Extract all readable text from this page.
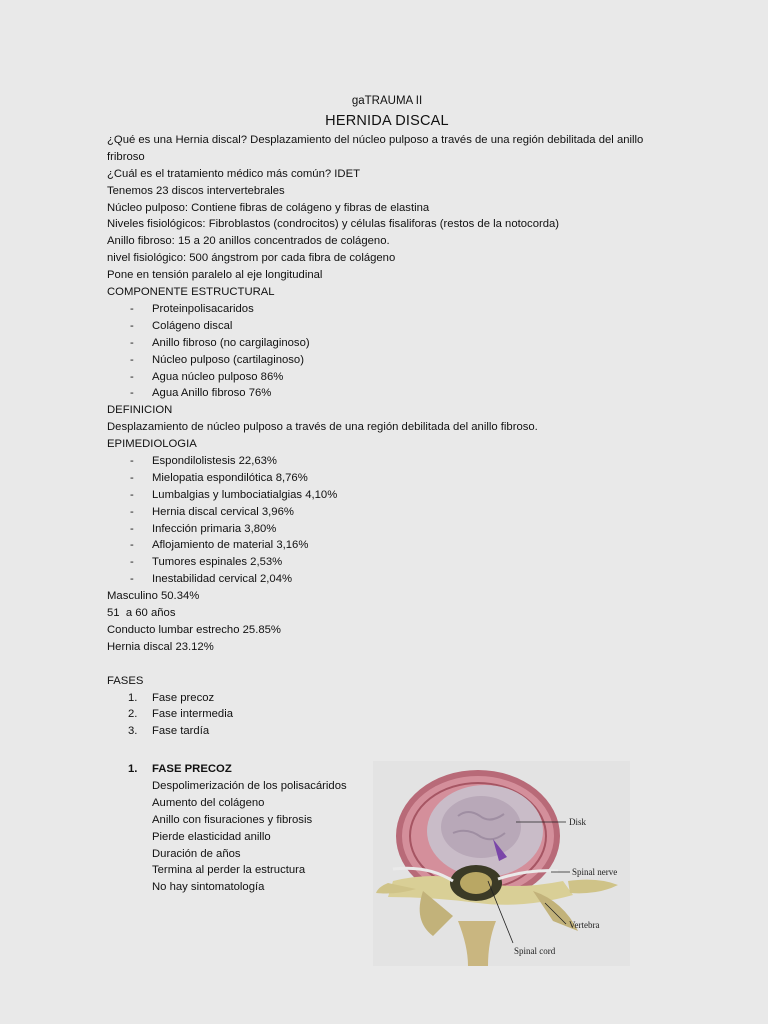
gaTRAUMA II
HERNIDA DISCAL
¿Qué es una Hernia discal? Desplazamiento del núcleo pulposo a través de una región debilitada del anillo fribroso
¿Cuál es el tratamiento médico más común? IDET
Tenemos 23 discos intervertebrales
Núcleo pulposo: Contiene fibras de colágeno y fibras de elastina
Niveles fisiológicos: Fibroblastos (condrocitos) y células fisaliforas (restos de la notocorda)
Anillo fibroso: 15 a 20 anillos concentrados de colágeno.
nivel fisiológico: 500 ángstrom por cada fibra de colágeno
Pone en tensión paralelo al eje longitudinal
COMPONENTE ESTRUCTURAL
- Proteinpolisacaridos
- Colágeno discal
- Anillo fibroso (no cargilaginoso)
- Núcleo pulposo (cartilaginoso)
- Agua núcleo pulposo 86%
- Agua Anillo fibroso 76%
DEFINICION
Desplazamiento de núcleo pulposo a través de una región debilitada del anillo fibroso.
EPIMEDIOLOGIA
- Espondilolistesis 22,63%
- Mielopatia espondilótica 8,76%
- Lumbalgias y lumbociatialgias 4,10%
- Hernia discal cervical 3,96%
- Infección primaria 3,80%
- Aflojamiento de material 3,16%
- Tumores espinales 2,53%
- Inestabilidad cervical 2,04%
Masculino 50.34%
51  a 60 años
Conducto lumbar estrecho 25.85%
Hernia discal 23.12%
FASES
1. Fase precoz
2. Fase intermedia
3. Fase tardía
1. FASE PRECOZ
Despolimerización de los polisacáridos
Aumento del colágeno
Anillo con fisuraciones y fibrosis
Pierde elasticidad anillo
Duración de años
Termina al perder la estructura
No hay sintomatología
Disk
Spinal nerve
Vertebra
Spinal cord
